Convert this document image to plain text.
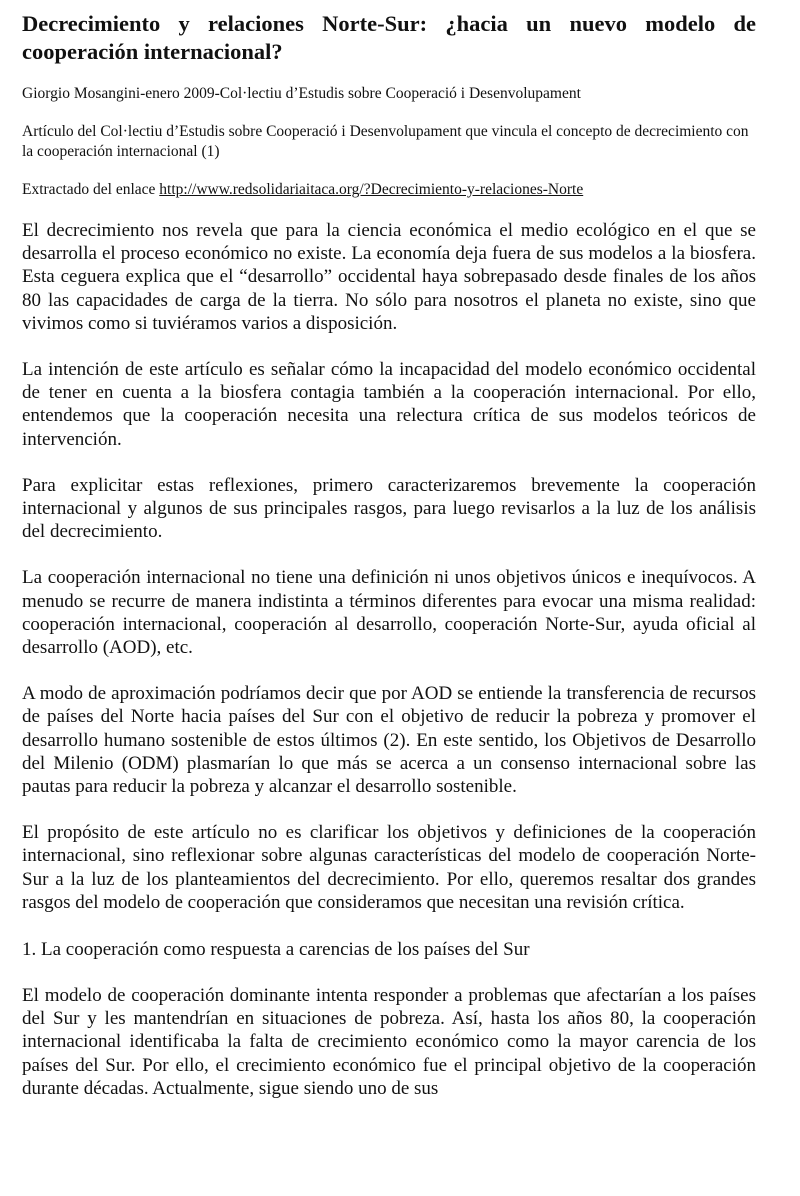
Decrecimiento y relaciones Norte-Sur: ¿hacia un nuevo modelo de cooperación internacional?

Giorgio Mosangini-enero 2009-Col·lectiu d’Estudis sobre Cooperació i Desenvolupament

Artículo del Col·lectiu d’Estudis sobre Cooperació i Desenvolupament que vincula el concepto de decrecimiento con la cooperación internacional (1)

Extractado del enlace http://www.redsolidariaitaca.org/?Decrecimiento-y-relaciones-Norte

El decrecimiento nos revela que para la ciencia económica el medio ecológico en el que se desarrolla el proceso económico no existe. La economía deja fuera de sus modelos a la biosfera. Esta ceguera explica que el “desarrollo” occidental haya sobrepasado desde finales de los años 80 las capacidades de carga de la tierra. No sólo para nosotros el planeta no existe, sino que vivimos como si tuviéramos varios a disposición.

La intención de este artículo es señalar cómo la incapacidad del modelo económico occidental de tener en cuenta a la biosfera contagia también a la cooperación internacional. Por ello, entendemos que la cooperación necesita una relectura crítica de sus modelos teóricos de intervención.

Para explicitar estas reflexiones, primero caracterizaremos brevemente la cooperación internacional y algunos de sus principales rasgos, para luego revisarlos a la luz de los análisis del decrecimiento.

La cooperación internacional no tiene una definición ni unos objetivos únicos e inequívocos. A menudo se recurre de manera indistinta a términos diferentes para evocar una misma realidad: cooperación internacional, cooperación al desarrollo, cooperación Norte-Sur, ayuda oficial al desarrollo (AOD), etc.

A modo de aproximación podríamos decir que por AOD se entiende la transferencia de recursos de países del Norte hacia países del Sur con el objetivo de reducir la pobreza y promover el desarrollo humano sostenible de estos últimos (2). En este sentido, los Objetivos de Desarrollo del Milenio (ODM) plasmarían lo que más se acerca a un consenso internacional sobre las pautas para reducir la pobreza y alcanzar el desarrollo sostenible.

El propósito de este artículo no es clarificar los objetivos y definiciones de la cooperación internacional, sino reflexionar sobre algunas características del modelo de cooperación Norte-Sur a la luz de los planteamientos del decrecimiento. Por ello, queremos resaltar dos grandes rasgos del modelo de cooperación que consideramos que necesitan una revisión crítica.

1. La cooperación como respuesta a carencias de los países del Sur

El modelo de cooperación dominante intenta responder a problemas que afectarían a los países del Sur y les mantendrían en situaciones de pobreza. Así, hasta los años 80, la cooperación internacional identificaba la falta de crecimiento económico como la mayor carencia de los países del Sur. Por ello, el crecimiento económico fue el principal objetivo de la cooperación durante décadas. Actualmente, sigue siendo uno de sus
